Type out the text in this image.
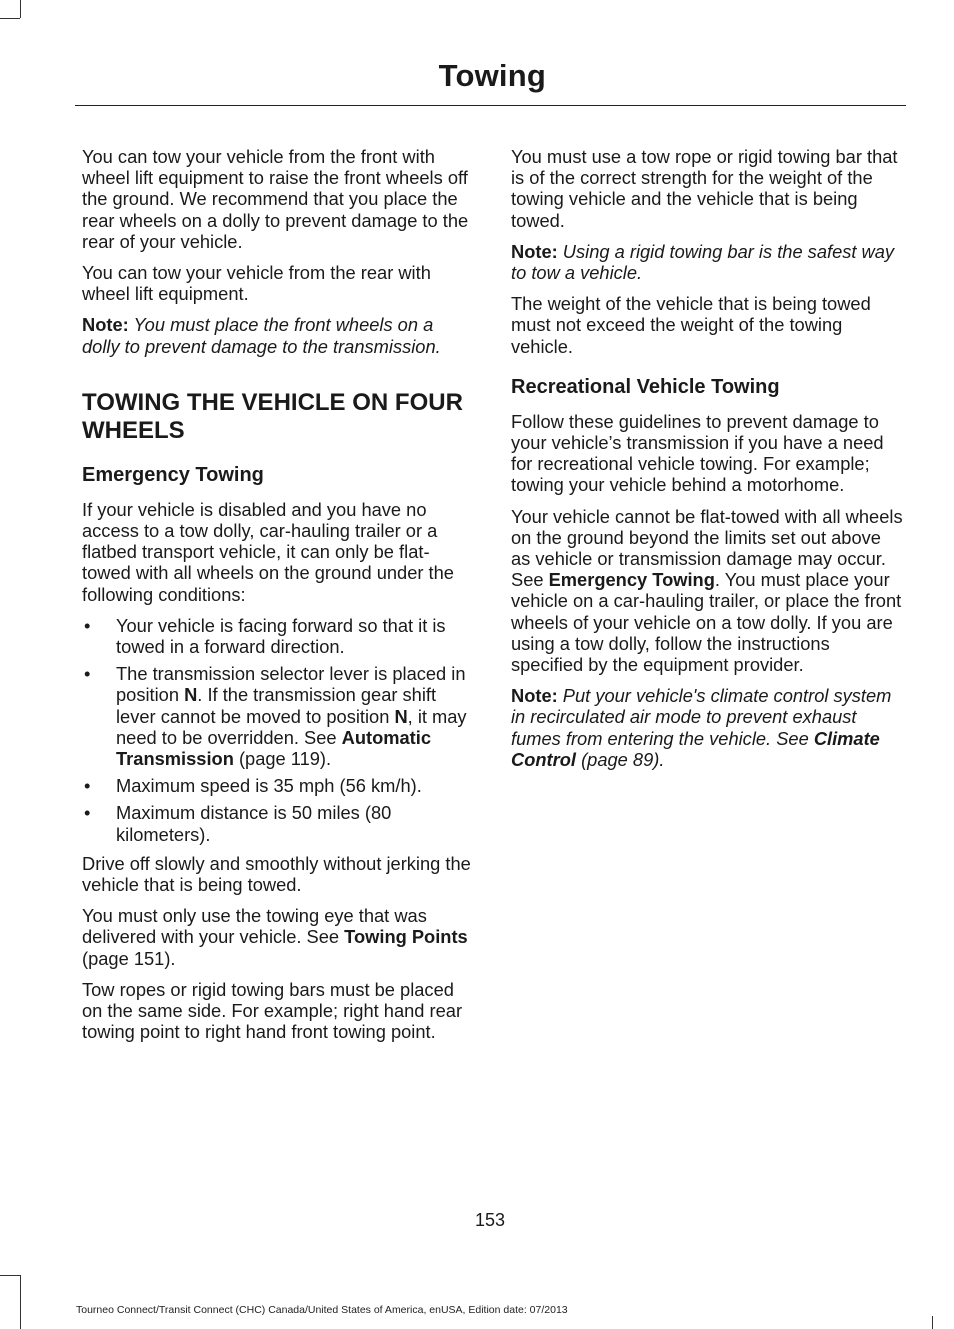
Towing

You can tow your vehicle from the front with wheel lift equipment to raise the front wheels off the ground. We recommend that you place the rear wheels on a dolly to prevent damage to the rear of your vehicle.

You can tow your vehicle from the rear with wheel lift equipment.

Note: You must place the front wheels on a dolly to prevent damage to the transmission.

TOWING THE VEHICLE ON FOUR WHEELS
Emergency Towing

If your vehicle is disabled and you have no access to a tow dolly, car-hauling trailer or a flatbed transport vehicle, it can only be flat-towed with all wheels on the ground under the following conditions:

• Your vehicle is facing forward so that it is towed in a forward direction.
• The transmission selector lever is placed in position N. If the transmission gear shift lever cannot be moved to position N, it may need to be overridden. See Automatic Transmission (page 119).
• Maximum speed is 35 mph (56 km/h).
• Maximum distance is 50 miles (80 kilometers).

Drive off slowly and smoothly without jerking the vehicle that is being towed.

You must only use the towing eye that was delivered with your vehicle. See Towing Points (page 151).

Tow ropes or rigid towing bars must be placed on the same side. For example; right hand rear towing point to right hand front towing point.

You must use a tow rope or rigid towing bar that is of the correct strength for the weight of the towing vehicle and the vehicle that is being towed.

Note: Using a rigid towing bar is the safest way to tow a vehicle.

The weight of the vehicle that is being towed must not exceed the weight of the towing vehicle.

Recreational Vehicle Towing

Follow these guidelines to prevent damage to your vehicle’s transmission if you have a need for recreational vehicle towing. For example; towing your vehicle behind a motorhome.

Your vehicle cannot be flat-towed with all wheels on the ground beyond the limits set out above as vehicle or transmission damage may occur. See Emergency Towing. You must place your vehicle on a car-hauling trailer, or place the front wheels of your vehicle on a tow dolly. If you are using a tow dolly, follow the instructions specified by the equipment provider.

Note: Put your vehicle's climate control system in recirculated air mode to prevent exhaust fumes from entering the vehicle. See Climate Control (page 89).

153
Tourneo Connect/Transit Connect (CHC) Canada/United States of America, enUSA, Edition date: 07/2013
